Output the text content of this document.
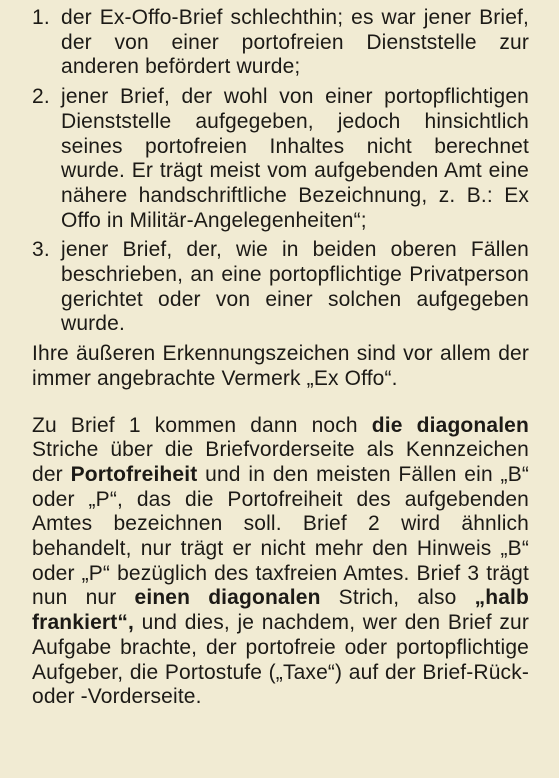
1. der Ex-Offo-Brief schlechthin; es war jener Brief, der von einer portofreien Dienststelle zur anderen befördert wurde;
2. jener Brief, der wohl von einer portopflichtigen Dienststelle aufgegeben, jedoch hinsichtlich seines portofreien Inhaltes nicht berechnet wurde. Er trägt meist vom aufgebenden Amt eine nähere handschriftliche Bezeichnung, z. B.: Ex Offo in Militär-Angelegenheiten“;
3. jener Brief, der, wie in beiden oberen Fällen beschrieben, an eine portopflichtige Privatperson gerichtet oder von einer solchen aufgegeben wurde.

Ihre äußeren Erkennungszeichen sind vor allem der immer angebrachte Vermerk „Ex Offo“.

Zu Brief 1 kommen dann noch die diagonalen Striche über die Briefvorderseite als Kennzeichen der Portofreiheit und in den meisten Fällen ein „B“ oder „P“, das die Portofreiheit des aufgebenden Amtes bezeichnen soll. Brief 2 wird ähnlich behandelt, nur trägt er nicht mehr den Hinweis „B“ oder „P“ bezüglich des taxfreien Amtes. Brief 3 trägt nun nur einen diagonalen Strich, also „halb frankiert“, und dies, je nachdem, wer den Brief zur Aufgabe brachte, der portofreie oder portopflichtige Aufgeber, die Portostufe („Taxe“) auf der Brief-Rück- oder -Vorderseite.
